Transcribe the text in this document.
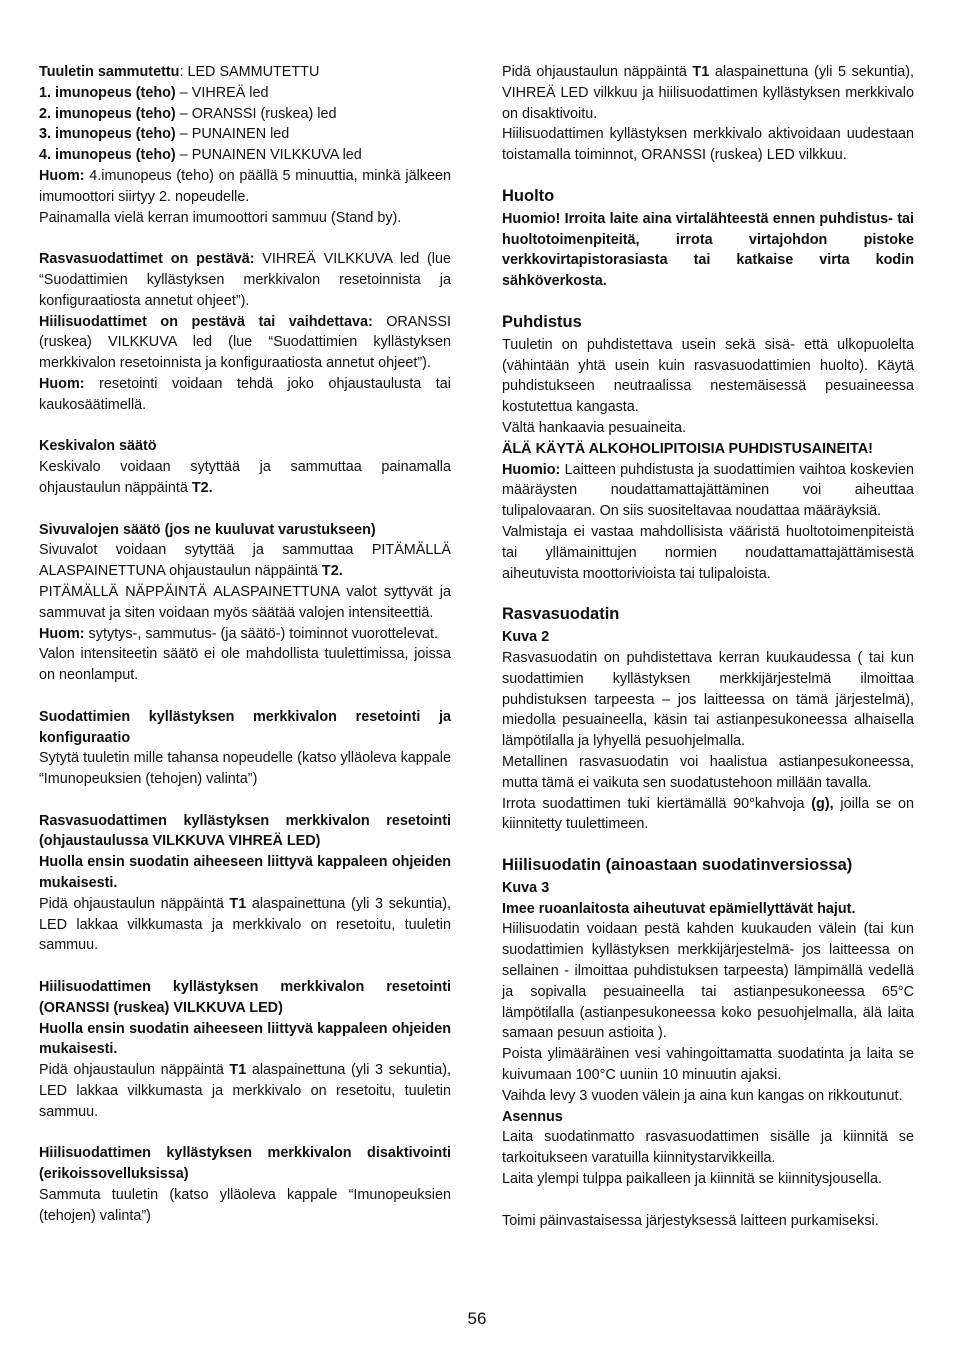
Tuuletin sammutettu: LED SAMMUTETTU

1. imunopeus (teho) – VIHREÄ led

2. imunopeus (teho) – ORANSSI (ruskea) led

3. imunopeus (teho) – PUNAINEN led

4. imunopeus (teho) – PUNAINEN VILKKUVA led

Huom: 4.imunopeus (teho) on päällä 5 minuuttia, minkä jälkeen imumoottori siirtyy 2. nopeudelle.

Painamalla vielä kerran imumoottori sammuu (Stand by).

Rasvasuodattimet on pestävä: VIHREÄ VILKKUVA led (lue “Suodattimien kyllästyksen merkkivalon resetoinnista ja konfiguraatiosta annetut ohjeet”).

Hiilisuodattimet on pestävä tai vaihdettava: ORANSSI (ruskea) VILKKUVA led (lue “Suodattimien kyllästyksen merkkivalon resetoinnista ja konfiguraatiosta annetut ohjeet”).

Huom: resetointi voidaan tehdä joko ohjaustaulusta tai kaukosäätimellä.

Keskivalon säätö

Keskivalo voidaan sytyttää ja sammuttaa painamalla ohjaustaulun näppäintä T2.

Sivuvalojen säätö (jos ne kuuluvat varustukseen)

Sivuvalot voidaan sytyttää ja sammuttaa PITÄMÄLLÄ ALASPAINETTUNA ohjaustaulun näppäintä T2.

PITÄMÄLLÄ NÄPPÄINTÄ ALASPAINETTUNA valot syttyvät ja sammuvat ja siten voidaan myös säätää valojen intensiteettiä.

Huom: sytytys-, sammutus- (ja säätö-) toiminnot vuorottelevat.

Valon intensiteetin säätö ei ole mahdollista tuulettimissa, joissa on neonlamput.

Suodattimien kyllästyksen merkkivalon resetointi ja konfiguraatio

Sytytä tuuletin mille tahansa nopeudelle (katso ylläoleva kappale “Imunopeuksien (tehojen) valinta”)

Rasvasuodattimen kyllästyksen merkkivalon resetointi (ohjaustaulussa VILKKUVA VIHREÄ LED)

Huolla ensin suodatin aiheeseen liittyvä kappaleen ohjeiden mukaisesti.

Pidä ohjaustaulun näppäintä T1 alaspainettuna (yli 3 sekuntia), LED lakkaa vilkkumasta ja merkkivalo on resetoitu, tuuletin sammuu.

Hiilisuodattimen kyllästyksen merkkivalon resetointi (ORANSSI (ruskea) VILKKUVA LED)

Huolla ensin suodatin aiheeseen liittyvä kappaleen ohjeiden mukaisesti.

Pidä ohjaustaulun näppäintä T1 alaspainettuna (yli 3 sekuntia), LED lakkaa vilkkumasta ja merkkivalo on resetoitu, tuuletin sammuu.

Hiilisuodattimen kyllästyksen merkkivalon disaktivointi (erikoissovelluksissa)

Sammuta tuuletin (katso ylläoleva kappale “Imunopeuksien (tehojen) valinta”)

Pidä ohjaustaulun näppäintä T1 alaspainettuna (yli 5 sekuntia), VIHREÄ LED vilkkuu ja hiilisuodattimen kyllästyksen merkkivalo on disaktivoitu.

Hiilisuodattimen kyllästyksen merkkivalo aktivoidaan uudestaan toistamalla toiminnot, ORANSSI (ruskea) LED vilkkuu.

Huolto

Huomio! Irroita laite aina virtalähteestä ennen puhdistus- tai huoltotoimenpiteitä, irrota virtajohdon pistoke verkkovirtapistorasiasta tai katkaise virta kodin sähköverkosta.

Puhdistus

Tuuletin on puhdistettava usein sekä sisä- että ulkopuolelta (vähintään yhtä usein kuin rasvasuodattimien huolto). Käytä puhdistukseen neutraalissa nestemäisessä pesuaineessa kostutettua kangasta.

Vältä hankaavia pesuaineita.

ÄLÄ KÄYTÄ ALKOHOLIPITOISIA PUHDISTUSAINEITA!

Huomio: Laitteen puhdistusta ja suodattimien vaihtoa koskevien määräysten noudattamattajättäminen voi aiheuttaa tulipalovaaran. On siis suositeltavaa noudattaa määräyksiä.

Valmistaja ei vastaa mahdollisista vääristä huoltotoimenpiteistä tai yllämainittujen normien noudattamattajättämisestä aiheutuvista moottorivioista tai tulipaloista.

Rasvasuodatin

Kuva 2

Rasvasuodatin on puhdistettava kerran kuukaudessa ( tai kun suodattimien kyllästyksen merkkijärjestelmä ilmoittaa puhdistuksen tarpeesta – jos laitteessa on tämä järjestelmä), miedolla pesuaineella, käsin tai astianpesukoneessa alhaisella lämpötilalla ja lyhyellä pesuohjelmalla.

Metallinen rasvasuodatin voi haalistua astianpesukoneessa, mutta tämä ei vaikuta sen suodatustehoon millään tavalla.

Irrota suodattimen tuki kiertämällä 90°kahvoja (g), joilla se on kiinnitetty tuulettimeen.

Hiilisuodatin (ainoastaan suodatinversiossa)

Kuva 3

Imee ruoanlaitosta aiheutuvat epämiellyttävät hajut.

Hiilisuodatin voidaan pestä kahden kuukauden välein (tai kun suodattimien kyllästyksen merkkijärjestelmä- jos laitteessa on sellainen - ilmoittaa puhdistuksen tarpeesta) lämpimällä vedellä ja sopivalla pesuaineella tai astianpesukoneessa 65°C lämpötilalla (astianpesukoneessa koko pesuohjelmalla, älä laita samaan pesuun astioita ).

Poista ylimääräinen vesi vahingoittamatta suodatinta ja laita se kuivumaan 100°C uuniin 10 minuutin ajaksi.

Vaihda levy 3 vuoden välein ja aina kun kangas on rikkoutunut.

Asennus

Laita suodatinmatto rasvasuodattimen sisälle ja kiinnitä se tarkoitukseen varatuilla kiinnitystarvikkeilla.

Laita ylempi tulppa paikalleen ja kiinnitä se kiinnitysjousella.

Toimi päinvastaisessa järjestyksessä laitteen purkamiseksi.

56
